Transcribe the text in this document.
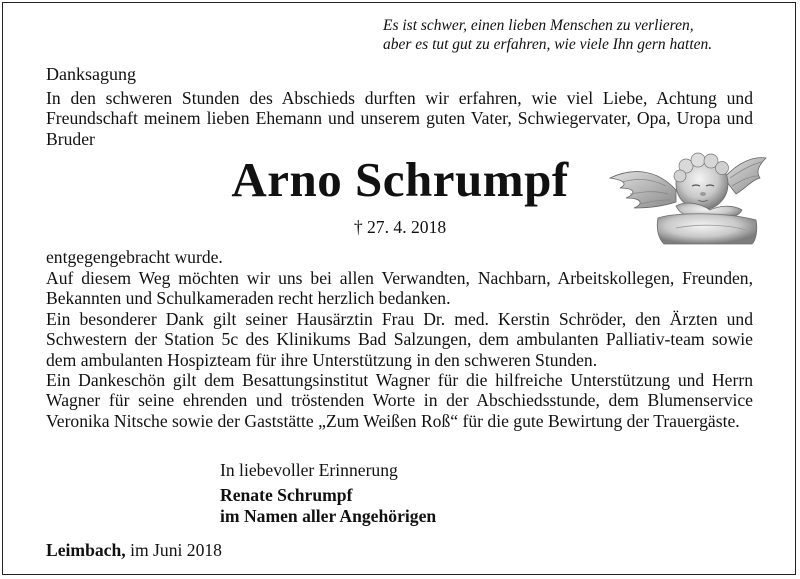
Es ist schwer, einen lieben Menschen zu verlieren,
aber es tut gut zu erfahren, wie viele Ihn gern hatten.
Danksagung
In den schweren Stunden des Abschieds durften wir erfahren, wie viel Liebe, Achtung und Freundschaft meinem lieben Ehemann und unserem guten Vater, Schwiegervater, Opa, Uropa und Bruder
Arno Schrumpf
† 27. 4. 2018
entgegengebracht wurde.
Auf diesem Weg möchten wir uns bei allen Verwandten, Nachbarn, Arbeitskollegen, Freunden, Bekannten und Schulkameraden recht herzlich bedanken.
Ein besonderer Dank gilt seiner Hausärztin Frau Dr. med. Kerstin Schröder, den Ärzten und Schwestern der Station 5c des Klinikums Bad Salzungen, dem ambulanten Palliativ-team sowie dem ambulanten Hospizteam für ihre Unterstützung in den schweren Stunden.
Ein Dankeschön gilt dem Besattungsinstitut Wagner für die hilfreiche Unterstützung und Herrn Wagner für seine ehrenden und tröstenden Worte in der Abschiedsstunde, dem Blumenservice Veronika Nitsche sowie der Gaststätte „Zum Weißen Roß“ für die gute Bewirtung der Trauergäste.
In liebevoller Erinnerung
Renate Schrumpf
im Namen aller Angehörigen
Leimbach, im Juni 2018
